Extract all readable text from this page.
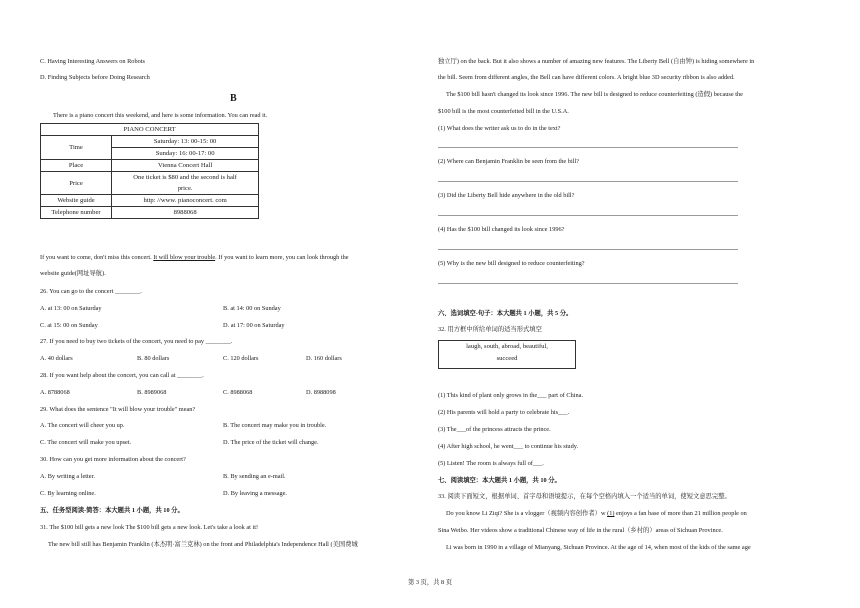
C. Having Interesting Answers on Robots
D. Finding Subjects before Doing Research
B
There is a piano concert this weekend, and here is some information. You can read it.
PIANO CONCERT		
Time	Saturday: 13: 00-15: 00	
	Sunday: 16: 00-17: 00	
Place	Vienna Concert Hall	
Price	One ticket is $80 and the second is half	
	price.	
Website guide	http: //www. pianoconcert. com	
Telephone number	8988068	
If you want to come, don't miss this concert. It will blow your trouble. If you want to learn more, you can look through the
website guide(网址导航).
26. You can go to the concert ________.
A. at 13: 00 on Saturday	B. at 14: 00 on Sunday
C. at 15: 00 on Sunday	D. at 17: 00 on Saturday
27. If you need to buy two tickets of the concert, you need to pay ________.
A. 40 dollars	B. 80 dollars	C. 120 dollars	D. 160 dollars
28. If you want help about the concert, you can call at ________.
A. 8788068	B. 8989068	C. 8988068	D. 8988098
29. What does the sentence "It will blow your trouble" mean?
A. The concert will cheer you up.	B. The concert may make you in trouble.
C. The concert will make you upset.	D. The price of the ticket will change.
30. How can you get more information about the concert?
A. By writing a letter.	B. By sending an e-mail.
C. By learning online.	D. By leaving a message.
五、任务型阅读-简答：本大题共 1 小题，共 10 分。
31. The $100 bill gets a new look The $100 bill gets a new look. Let's take a look at it!
The new bill still has Benjamin Franklin (本杰明·富兰克林) on the front and Philadelphia's Independence Hall (美国费城
独立厅) on the back. But it also shows a number of amazing new features. The Liberty Bell (自由钟) is hiding somewhere in
the bill. Seem from different angles, the Bell can have different colors. A bright blue 3D security ribbon is also added.
The $100 bill hasn't changed its look since 1996. The new bill is designed to reduce counterfeiting (造假) because the
$100 bill is the most counterfeited bill in the U.S.A.
(1) What does the writer ask us to do in the text?
(2) Where can Benjamin Franklin be seen from the bill?
(3) Did the Liberty Bell hide anywhere in the old bill?
(4) Has the $100 bill changed its look since 1996?
(5) Why is the new bill designed to reduce counterfeiting?
六、选词填空-句子：本大题共 1 小题，共 5 分。
32. 用方框中所给单词的适当形式填空
laugh, south, abroad, beautiful,
succeed
(1) This kind of plant only grows in the___ part of China.
(2) His parents will hold a party to celebrate his___.
(3) The___of the princess attracts the prince.
(4) After high school, he went___ to continue his study.
(5) Listen! The room is always full of___.
七、阅读填空：本大题共 1 小题，共 10 分。
33. 阅读下面短文，根据单词、首字母和语境提示，在每个空格内填入一个适当的单词，使短文意思完整。
Do you know Li Ziqi? She is a vlogger（视频内容创作者）w (1) enjoys a fan base of more than 21 million people on
Sina Weibo. Her videos show a traditional Chinese way of life in the rural（乡村的）areas of Sichuan Province.
Li was born in 1990 in a village of Mianyang, Sichuan Province. At the age of 14, when most of the kids of the same age
第 3 页，共 8 页
